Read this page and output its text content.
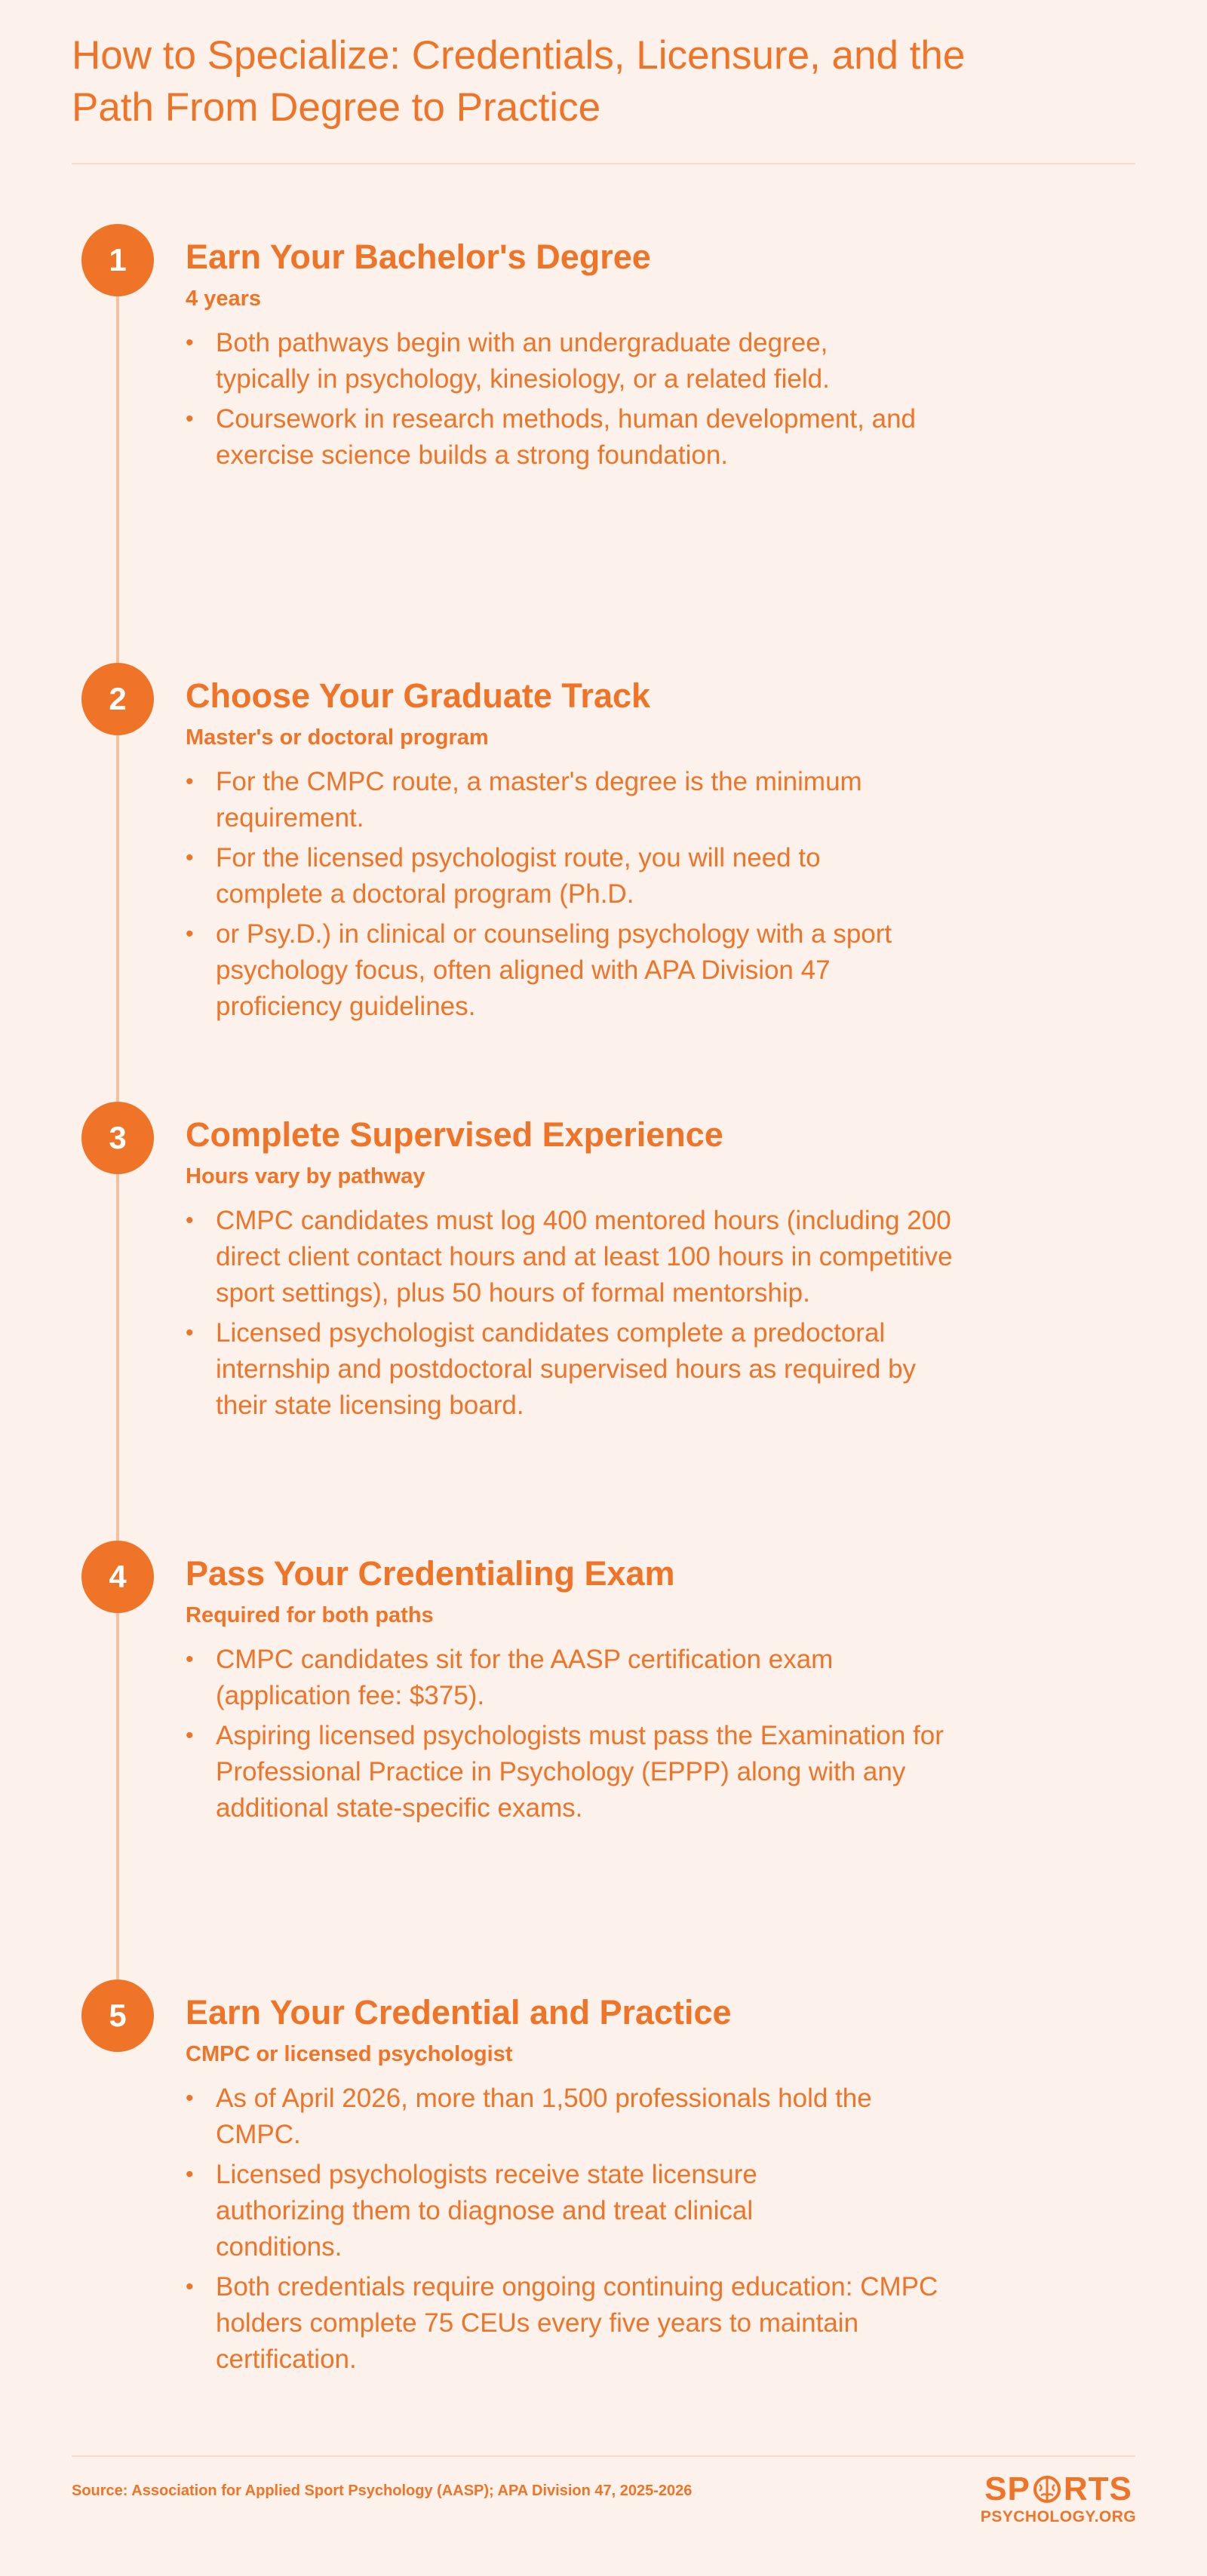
How to Specialize: Credentials, Licensure, and the Path From Degree to Practice
1	Earn Your Bachelor's Degree
4 years
• Both pathways begin with an undergraduate degree, typically in psychology, kinesiology, or a related field.
• Coursework in research methods, human development, and exercise science builds a strong foundation.
2	Choose Your Graduate Track
Master's or doctoral program
• For the CMPC route, a master's degree is the minimum requirement.
• For the licensed psychologist route, you will need to complete a doctoral program (Ph.D.
• or Psy.D.) in clinical or counseling psychology with a sport psychology focus, often aligned with APA Division 47 proficiency guidelines.
3	Complete Supervised Experience
Hours vary by pathway
• CMPC candidates must log 400 mentored hours (including 200 direct client contact hours and at least 100 hours in competitive sport settings), plus 50 hours of formal mentorship.
• Licensed psychologist candidates complete a predoctoral internship and postdoctoral supervised hours as required by their state licensing board.
4	Pass Your Credentialing Exam
Required for both paths
• CMPC candidates sit for the AASP certification exam (application fee: $375).
• Aspiring licensed psychologists must pass the Examination for Professional Practice in Psychology (EPPP) along with any additional state-specific exams.
5	Earn Your Credential and Practice
CMPC or licensed psychologist
• As of April 2026, more than 1,500 professionals hold the CMPC.
• Licensed psychologists receive state licensure authorizing them to diagnose and treat clinical conditions.
• Both credentials require ongoing continuing education: CMPC holders complete 75 CEUs every five years to maintain certification.
Source: Association for Applied Sport Psychology (AASP); APA Division 47, 2025-2026	SP RTS
PSYCHOLOGY.ORG
